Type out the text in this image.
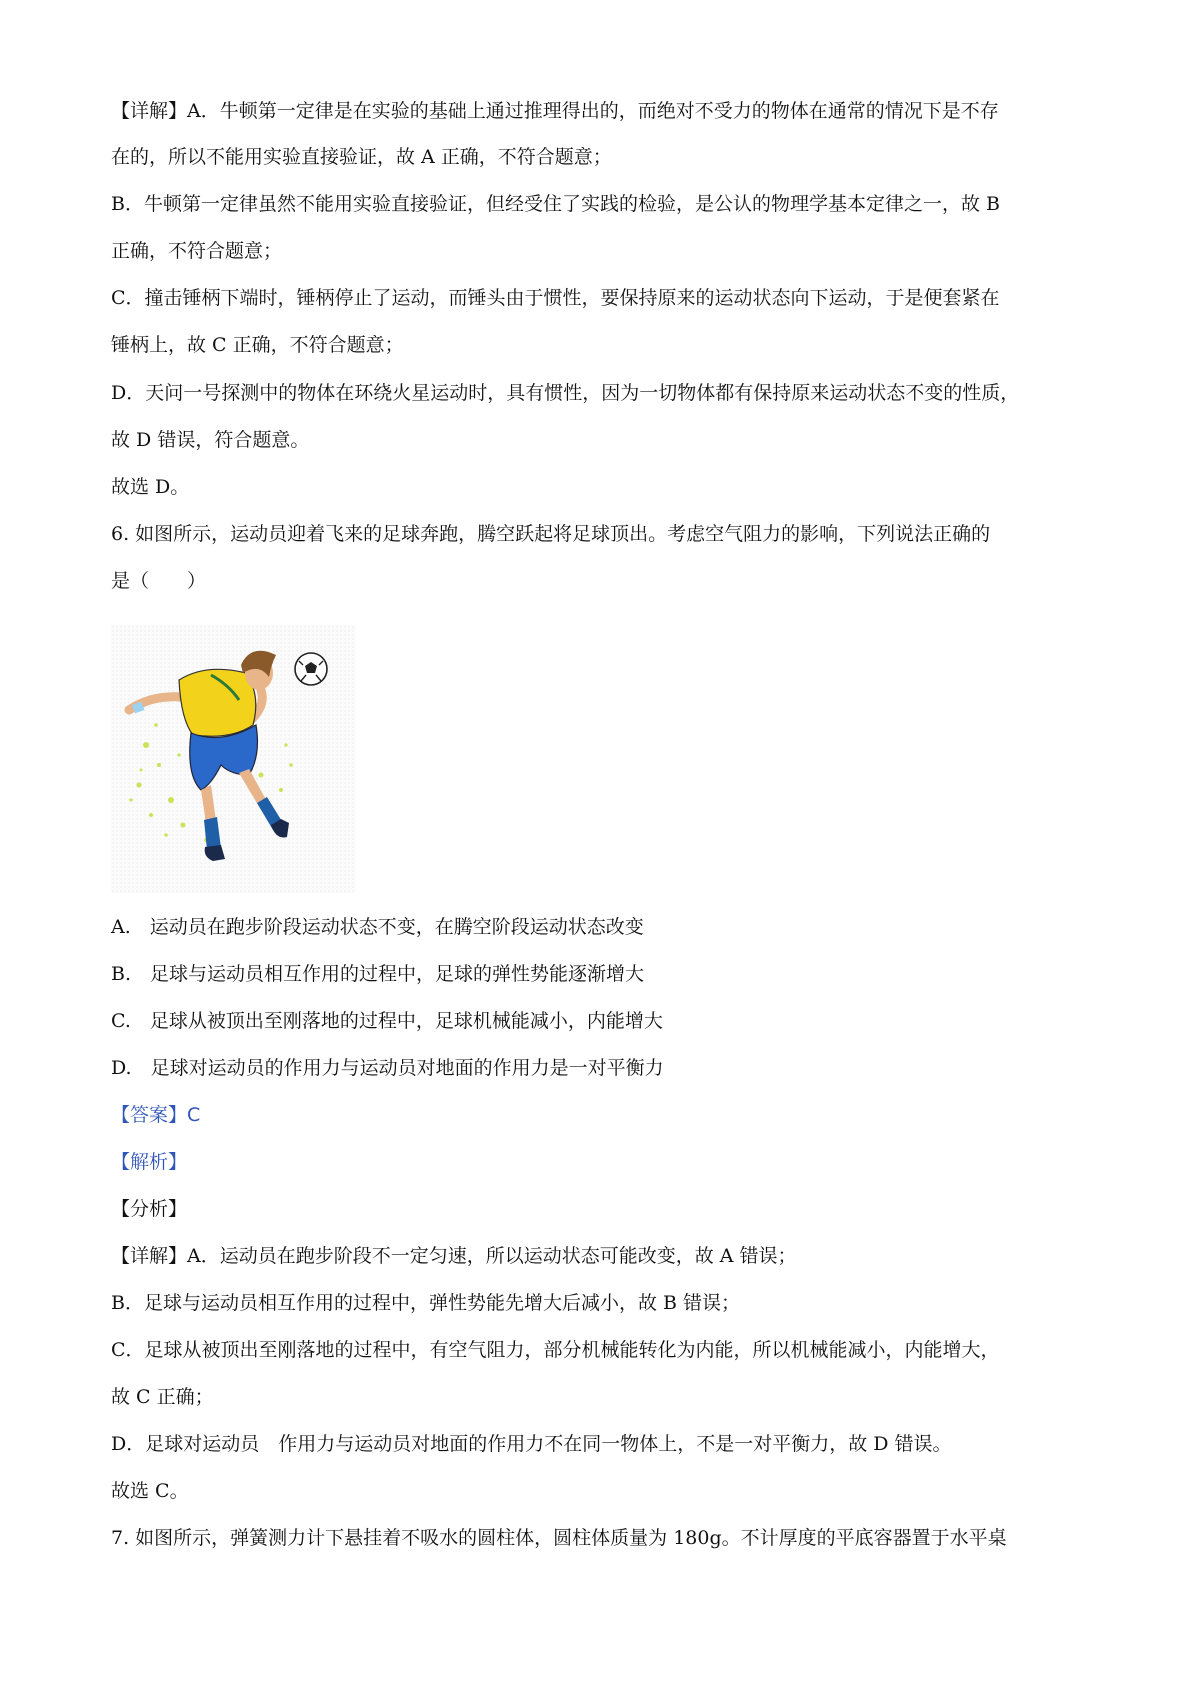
【详解】A．牛顿第一定律是在实验的基础上通过推理得出的，而绝对不受力的物体在通常的情况下是不存
在的，所以不能用实验直接验证，故 A 正确，不符合题意；
B．牛顿第一定律虽然不能用实验直接验证，但经受住了实践的检验，是公认的物理学基本定律之一，故 B
正确，不符合题意；
C．撞击锤柄下端时，锤柄停止了运动，而锤头由于惯性，要保持原来的运动状态向下运动，于是便套紧在
锤柄上，故 C 正确，不符合题意；
D．天问一号探测中的物体在环绕火星运动时，具有惯性，因为一切物体都有保持原来运动状态不变的性质，
故 D 错误，符合题意。
故选 D。
6. 如图所示，运动员迎着飞来的足球奔跑，腾空跃起将足球顶出。考虑空气阻力的影响，下列说法正确的
是（　　）
A.　运动员在跑步阶段运动状态不变，在腾空阶段运动状态改变
B.　足球与运动员相互作用的过程中，足球的弹性势能逐渐增大
C.　足球从被顶出至刚落地的过程中，足球机械能减小，内能增大
D.　足球对运动员的作用力与运动员对地面的作用力是一对平衡力
【答案】C
【解析】
【分析】
【详解】A．运动员在跑步阶段不一定匀速，所以运动状态可能改变，故 A 错误；
B．足球与运动员相互作用的过程中，弹性势能先增大后减小，故 B 错误；
C．足球从被顶出至刚落地的过程中，有空气阻力，部分机械能转化为内能，所以机械能减小，内能增大，
故 C 正确；
D．足球对运动员　作用力与运动员对地面的作用力不在同一物体上，不是一对平衡力，故 D 错误。
故选 C。
7. 如图所示，弹簧测力计下悬挂着不吸水的圆柱体，圆柱体质量为 180g。不计厚度的平底容器置于水平桌
